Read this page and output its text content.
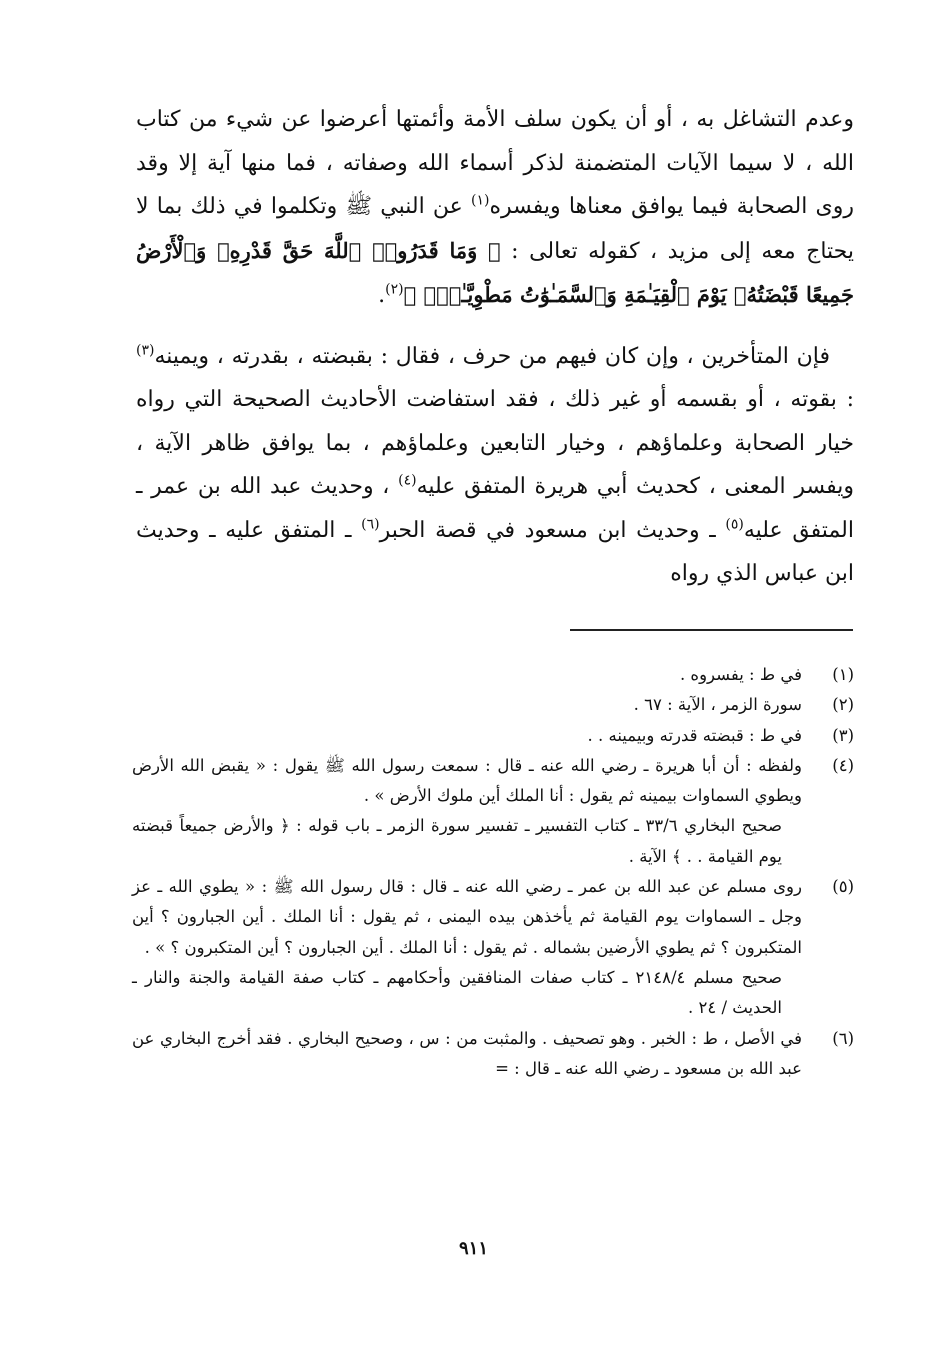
وعدم التشاغل به ، أو أن يكون سلف الأمة وأئمتها أعرضوا عن شيء من كتاب الله ، لا سيما الآيات المتضمنة لذكر أسماء الله وصفاته ، فما منها آية إلا وقد روى الصحابة فيما يوافق معناها ويفسره$^{(١)}$ عن النبي ﷺ وتكلموا في ذلك بما لا يحتاج معه إلى مزيد ، كقوله تعالى : ﴿ وَمَا قَدَرُوا۟ ٱللَّهَ حَقَّ قَدْرِهِۦ وَٱلْأَرْضُ جَمِيعًا قَبْضَتُهُۥ يَوْمَ ٱلْقِيَـٰمَةِ وَٱلسَّمَـٰوَٰتُ مَطْوِيَّـٰتٌۢ ﴾$^{(٢)}$.

فإن المتأخرين ، وإن كان فيهم من حرف ، فقال : بقبضته ، بقدرته ، ويمينه$^{(٣)}$ : بقوته ، أو بقسمه أو غير ذلك ، فقد استفاضت الأحاديث الصحيحة التي رواه خيار الصحابة وعلماؤهم ، وخيار التابعين وعلماؤهم ، بما يوافق ظاهر الآية ، ويفسر المعنى ، كحديث أبي هريرة المتفق عليه$^{(٤)}$ ، وحديث عبد الله بن عمر ـ المتفق عليه$^{(٥)}$ ـ وحديث ابن مسعود في قصة الحبر$^{(٦)}$ ـ المتفق عليه ـ وحديث ابن عباس الذي رواه

(١)
في ط : يفسروه .
(٢)
سورة الزمر ، الآية : ٦٧ .
(٣)
في ط : قبضته قدرته وبيمينه . .
(٤)
ولفظه : أن أبا هريرة ـ رضي الله عنه ـ قال : سمعت رسول الله ﷺ يقول : « يقبض الله الأرض ويطوي السماوات بيمينه ثم يقول : أنا الملك أين ملوك الأرض » .
صحيح البخاري ٣٣/٦ ـ كتاب التفسير ـ تفسير سورة الزمر ـ باب قوله : ﴿ والأرض جميعاً قبضته يوم القيامة . . ﴾ الآية .
(٥)
روى مسلم عن عبد الله بن عمر ـ رضي الله عنه ـ قال : قال رسول الله ﷺ : « يطوي الله ـ عز وجل ـ السماوات يوم القيامة ثم يأخذهن بيده اليمنى ، ثم يقول : أنا الملك . أين الجبارون ؟ أين المتكبرون ؟ ثم يطوي الأرضين بشماله . ثم يقول : أنا الملك . أين الجبارون ؟ أين المتكبرون ؟ » .
صحيح مسلم ٢١٤٨/٤ ـ كتاب صفات المنافقين وأحكامهم ـ كتاب صفة القيامة والجنة والنار ـ الحديث / ٢٤ .
(٦)
في الأصل ، ط : الخبر . وهو تصحيف . والمثبت من : س ، وصحيح البخاري . فقد أخرج البخاري عن عبد الله بن مسعود ـ رضي الله عنه ـ قال : =
٩١١
